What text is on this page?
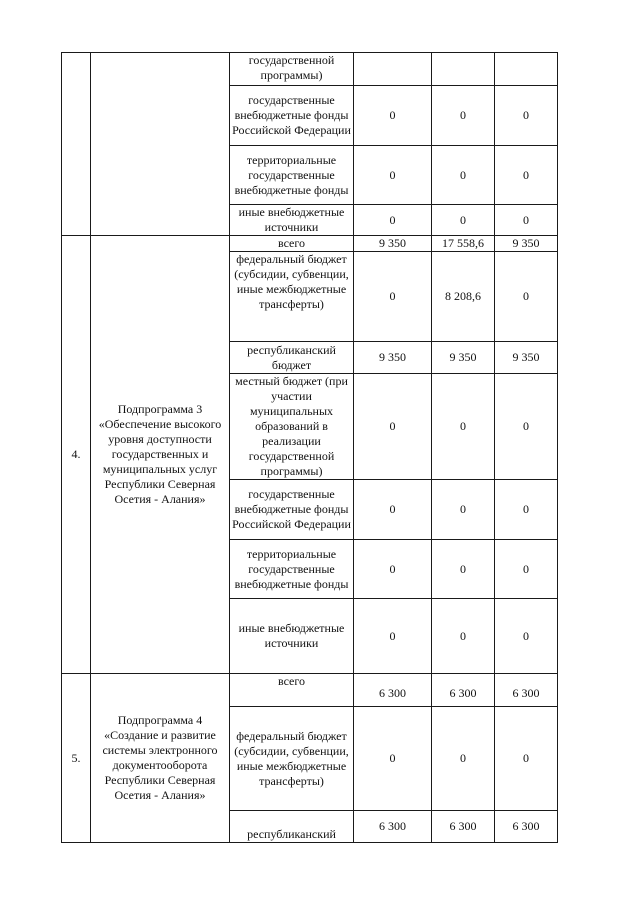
		государственной программы)			
		государственные внебюджетные фонды Российской Федерации	0	0	0
		территориальные государственные внебюджетные фонды	0	0	0
		иные внебюджетные источники	0	0	0
4.	Подпрограмма 3 «Обеспечение высокого уровня доступности государственных и муниципальных услуг Республики Северная Осетия - Алания»	всего	9 350	17 558,6	9 350
		федеральный бюджет (субсидии, субвенции, иные межбюджетные трансферты)	0	8 208,6	0
		республиканский бюджет	9 350	9 350	9 350
		местный бюджет (при участии муниципальных образований в реализации государственной программы)	0	0	0
		государственные внебюджетные фонды Российской Федерации	0	0	0
		территориальные государственные внебюджетные фонды	0	0	0
		иные внебюджетные источники	0	0	0
5.	Подпрограмма 4 «Создание и развитие системы электронного документооборота Республики Северная Осетия - Алания»	всего	6 300	6 300	6 300
		федеральный бюджет (субсидии, субвенции, иные межбюджетные трансферты)	0	0	0
		республиканский	6 300	6 300	6 300
